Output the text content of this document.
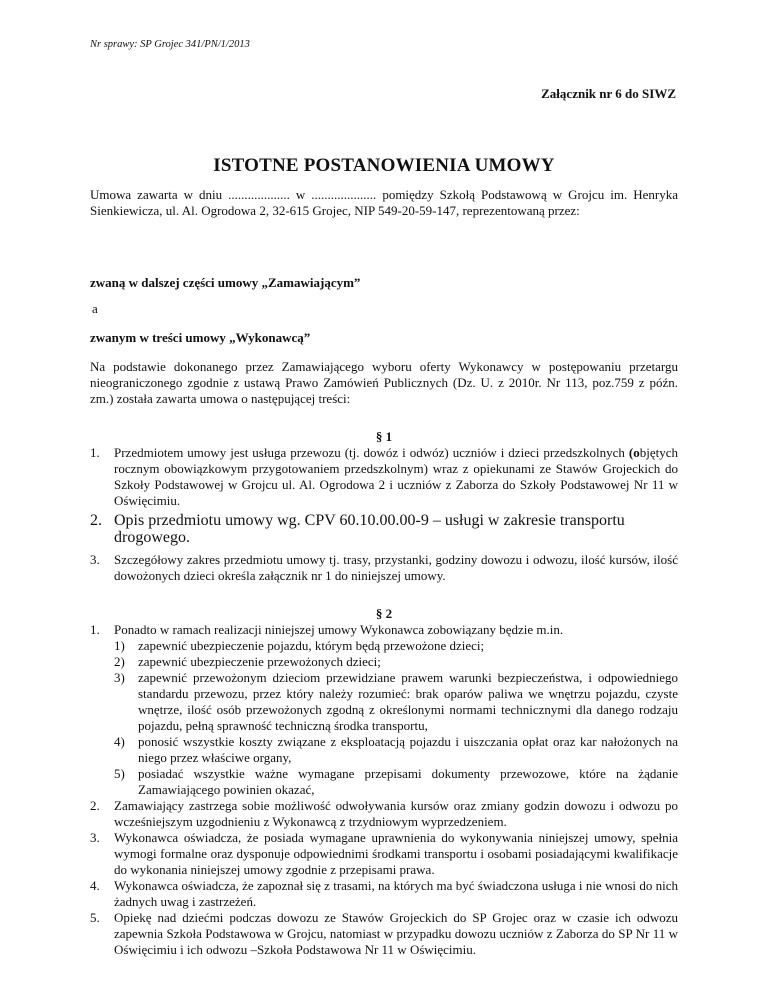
Nr sprawy: SP Grojec 341/PN/1/2013
Załącznik nr 6 do SIWZ
ISTOTNE POSTANOWIENIA UMOWY

Umowa zawarta w dniu ................... w .................... pomiędzy Szkołą Podstawową w Grojcu im. Henryka Sienkiewicza, ul. Al. Ogrodowa 2, 32-615 Grojec, NIP 549-20-59-147, reprezentowaną przez:

zwaną w dalszej części umowy „Zamawiającym”

a

zwanym w treści umowy „Wykonawcą”

Na podstawie dokonanego przez Zamawiającego wyboru oferty Wykonawcy w postępowaniu przetargu nieograniczonego zgodnie z ustawą Prawo Zamówień Publicznych (Dz. U. z 2010r. Nr 113, poz.759 z późn. zm.) została zawarta umowa o następującej treści:

§ 1

1. Przedmiotem umowy jest usługa przewozu (tj. dowóz i odwóz) uczniów i dzieci przedszkolnych (objętych rocznym obowiązkowym przygotowaniem przedszkolnym) wraz z opiekunami ze Stawów Grojeckich do Szkoły Podstawowej w Grojcu ul. Al. Ogrodowa 2 i uczniów z Zaborza do Szkoły Podstawowej Nr 11 w Oświęcimiu.
2. Opis przedmiotu umowy wg. CPV 60.10.00.00-9 – usługi w zakresie transportu drogowego.
3. Szczegółowy zakres przedmiotu umowy tj. trasy, przystanki, godziny dowozu i odwozu, ilość kursów, ilość dowożonych dzieci określa załącznik nr 1 do niniejszej umowy.

§ 2

1. Ponadto w ramach realizacji niniejszej umowy Wykonawca zobowiązany będzie m.in.
1) zapewnić ubezpieczenie pojazdu, którym będą przewożone dzieci;
2) zapewnić ubezpieczenie przewożonych dzieci;
3) zapewnić przewożonym dzieciom przewidziane prawem warunki bezpieczeństwa, i odpowiedniego standardu przewozu, przez który należy rozumieć: brak oparów paliwa we wnętrzu pojazdu, czyste wnętrze, ilość osób przewożonych zgodną z określonymi normami technicznymi dla danego rodzaju pojazdu, pełną sprawność techniczną środka transportu,
4) ponosić wszystkie koszty związane z eksploatacją pojazdu i uiszczania opłat oraz kar nałożonych na niego przez właściwe organy,
5) posiadać wszystkie ważne wymagane przepisami dokumenty przewozowe, które na żądanie Zamawiającego powinien okazać,
2. Zamawiający zastrzega sobie możliwość odwoływania kursów oraz zmiany godzin dowozu i odwozu po wcześniejszym uzgodnieniu z Wykonawcą z trzydniowym wyprzedzeniem.
3. Wykonawca oświadcza, że posiada wymagane uprawnienia do wykonywania niniejszej umowy, spełnia wymogi formalne oraz dysponuje odpowiednimi środkami transportu i osobami posiadającymi kwalifikacje do wykonania niniejszej umowy zgodnie z przepisami prawa.
4. Wykonawca oświadcza, że zapoznał się z trasami, na których ma być świadczona usługa i nie wnosi do nich żadnych uwag i zastrzeżeń.
5. Opiekę nad dziećmi podczas dowozu ze Stawów Grojeckich do SP Grojec oraz w czasie ich odwozu zapewnia Szkoła Podstawowa w Grojcu, natomiast w przypadku dowozu uczniów z Zaborza do SP Nr 11 w Oświęcimiu i ich odwozu –Szkoła Podstawowa Nr 11 w Oświęcimiu.
